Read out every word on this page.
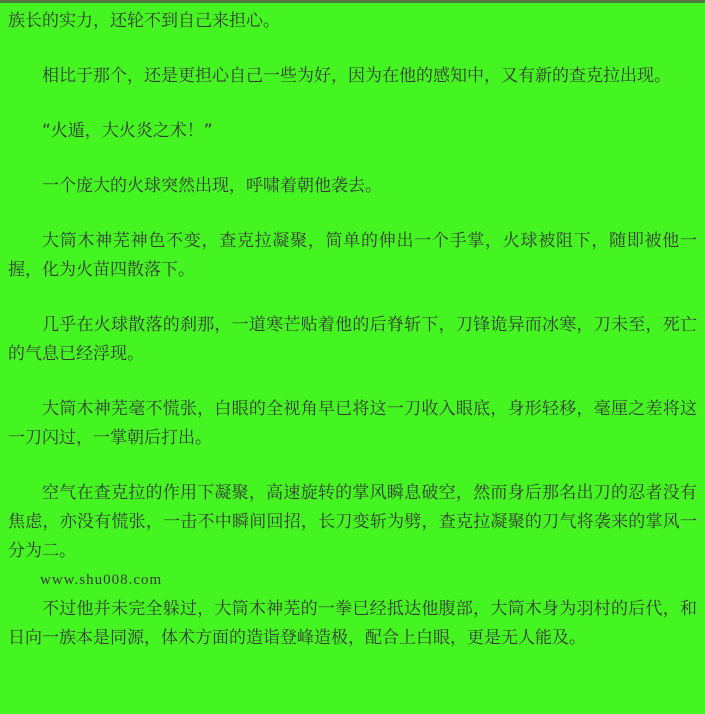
族长的实力，还轮不到自己来担心。

相比于那个，还是更担心自己一些为好，因为在他的感知中，又有新的查克拉出现。

“火遁，大火炎之术！”

一个庞大的火球突然出现，呼啸着朝他袭去。

大筒木神芜神色不变，查克拉凝聚，简单的伸出一个手掌，火球被阻下，随即被他一握，化为火苗四散落下。

几乎在火球散落的刹那，一道寒芒贴着他的后脊斩下，刀锋诡异而冰寒，刀未至，死亡的气息已经浮现。

大筒木神芜毫不慌张，白眼的全视角早已将这一刀收入眼底，身形轻移，毫厘之差将这一刀闪过，一掌朝后打出。

空气在查克拉的作用下凝聚，高速旋转的掌风瞬息破空，然而身后那名出刀的忍者没有焦虑，亦没有慌张，一击不中瞬间回招，长刀变斩为劈，查克拉凝聚的刀气将袭来的掌风一分为二。

www.shu008.com

不过他并未完全躲过，大筒木神芜的一拳已经抵达他腹部，大筒木身为羽村的后代，和日向一族本是同源，体术方面的造诣登峰造极，配合上白眼，更是无人能及。
